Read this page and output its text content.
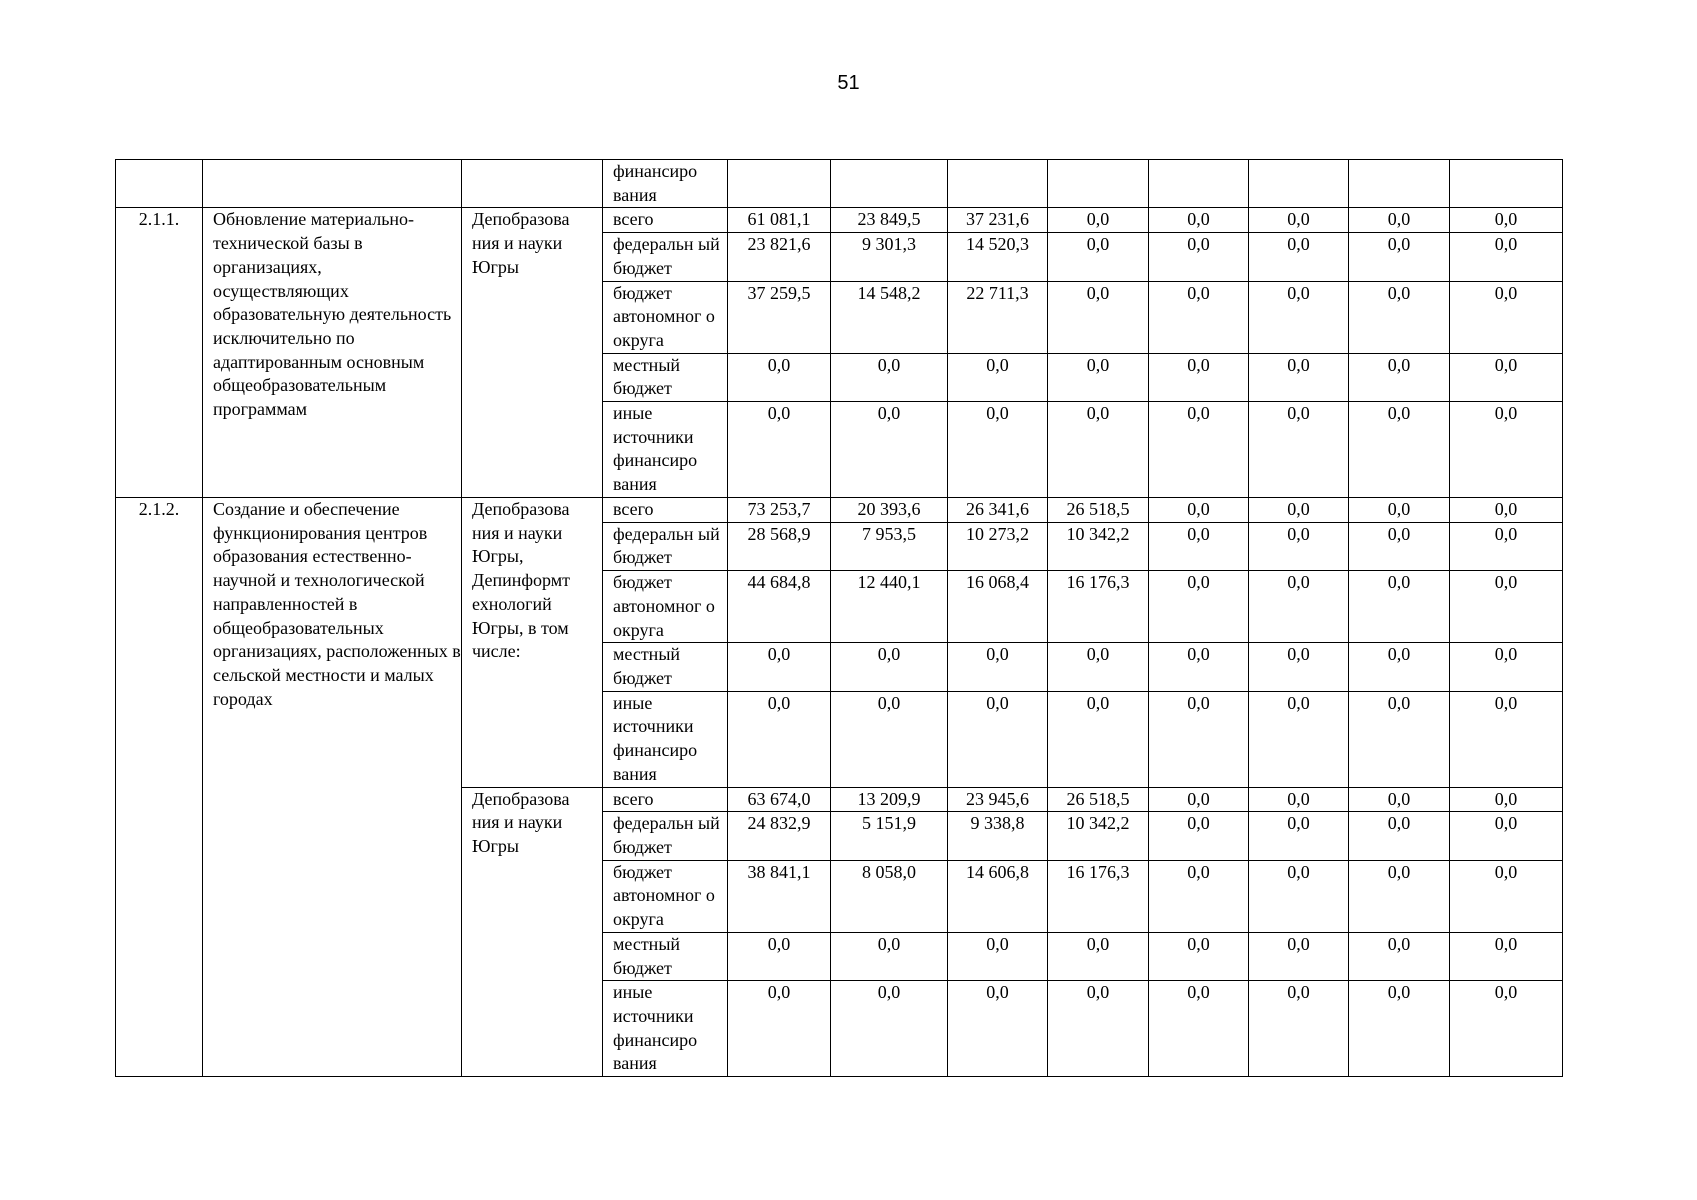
51
			финансиро вания								
2.1.1.	Обновление материально-технической базы в организациях, осуществляющих образовательную деятельность исключительно по адаптированным основным общеобразовательным программам	Депобразова ния и науки Югры	всего	61 081,1	23 849,5	37 231,6	0,0	0,0	0,0	0,0	0,0
			федеральн ый бюджет	23 821,6	9 301,3	14 520,3	0,0	0,0	0,0	0,0	0,0
			бюджет автономног о округа	37 259,5	14 548,2	22 711,3	0,0	0,0	0,0	0,0	0,0
			местный бюджет	0,0	0,0	0,0	0,0	0,0	0,0	0,0	0,0
			иные источники финансиро вания	0,0	0,0	0,0	0,0	0,0	0,0	0,0	0,0
2.1.2.	Создание и обеспечение функционирования центров образования естественно-научной и технологической направленностей в общеобразовательных организациях, расположенных в сельской местности и малых городах	Депобразова ния и науки Югры, Депинформт ехнологий Югры, в том числе:	всего	73 253,7	20 393,6	26 341,6	26 518,5	0,0	0,0	0,0	0,0
			федеральн ый бюджет	28 568,9	7 953,5	10 273,2	10 342,2	0,0	0,0	0,0	0,0
			бюджет автономног о округа	44 684,8	12 440,1	16 068,4	16 176,3	0,0	0,0	0,0	0,0
			местный бюджет	0,0	0,0	0,0	0,0	0,0	0,0	0,0	0,0
			иные источники финансиро вания	0,0	0,0	0,0	0,0	0,0	0,0	0,0	0,0
		Депобразова ния и науки Югры	всего	63 674,0	13 209,9	23 945,6	26 518,5	0,0	0,0	0,0	0,0
			федеральн ый бюджет	24 832,9	5 151,9	9 338,8	10 342,2	0,0	0,0	0,0	0,0
			бюджет автономног о округа	38 841,1	8 058,0	14 606,8	16 176,3	0,0	0,0	0,0	0,0
			местный бюджет	0,0	0,0	0,0	0,0	0,0	0,0	0,0	0,0
			иные источники финансиро вания	0,0	0,0	0,0	0,0	0,0	0,0	0,0	0,0
